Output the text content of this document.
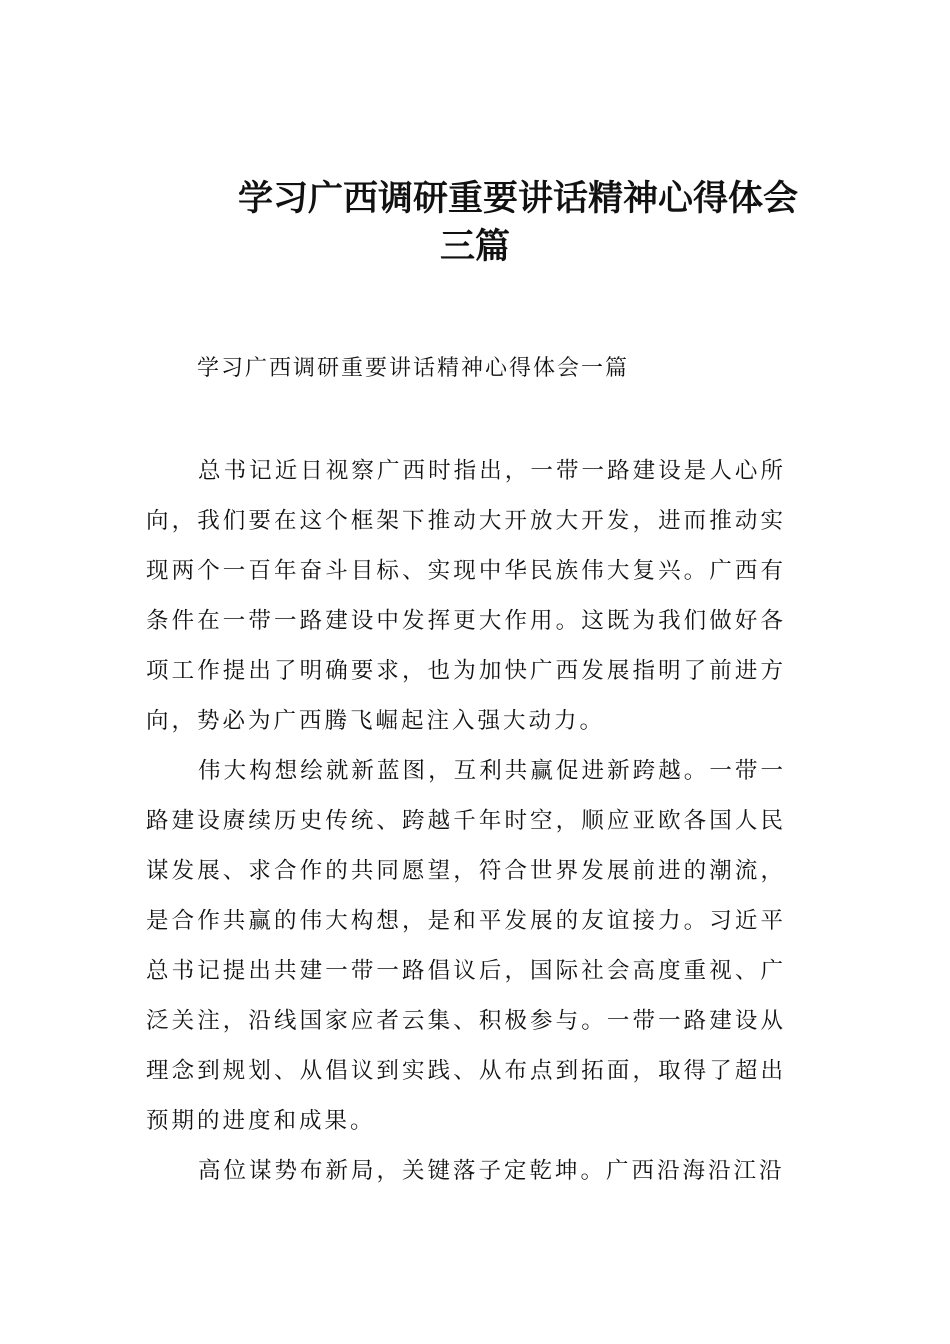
学习广西调研重要讲话精神心得体会
三篇
学习广西调研重要讲话精神心得体会一篇

总书记近日视察广西时指出，一带一路建设是人心所向，我们要在这个框架下推动大开放大开发，进而推动实现两个一百年奋斗目标、实现中华民族伟大复兴。广西有条件在一带一路建设中发挥更大作用。这既为我们做好各项工作提出了明确要求，也为加快广西发展指明了前进方向，势必为广西腾飞崛起注入强大动力。

伟大构想绘就新蓝图，互利共赢促进新跨越。一带一路建设赓续历史传统、跨越千年时空，顺应亚欧各国人民谋发展、求合作的共同愿望，符合世界发展前进的潮流，是合作共赢的伟大构想，是和平发展的友谊接力。习近平总书记提出共建一带一路倡议后，国际社会高度重视、广泛关注，沿线国家应者云集、积极参与。一带一路建设从理念到规划、从倡议到实践、从布点到拓面，取得了超出预期的进度和成果。

高位谋势布新局，关键落子定乾坤。广西沿海沿江沿
